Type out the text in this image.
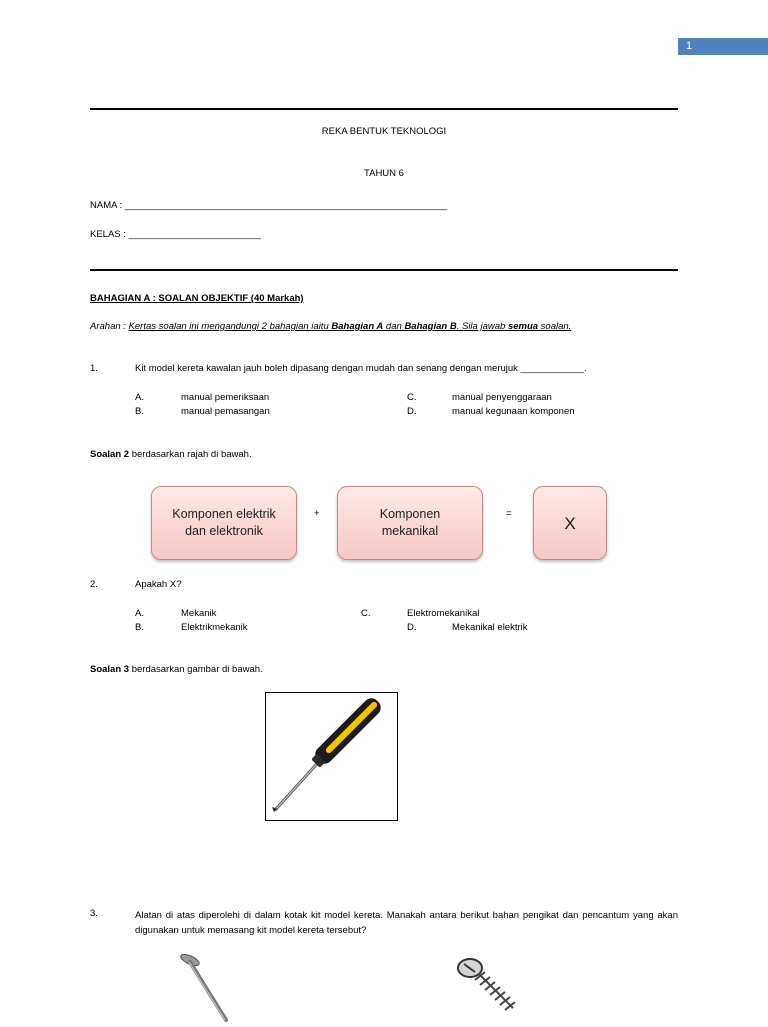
1
REKA BENTUK TEKNOLOGI
TAHUN 6
NAMA : _____________________________________________________________
KELAS : _________________________
BAHAGIAN A : SOALAN OBJEKTIF (40 Markah)
Arahan : Kertas soalan ini mengandungi 2 bahagian iaitu Bahagian A dan Bahagian B. Sila jawab semua soalan.
1.	Kit model kereta kawalan jauh boleh dipasang dengan mudah dan senang dengan merujuk ____________.
A.	manual pemeriksaan
B.	manual pemasangan
C.	manual penyenggaraan
D.	manual kegunaan komponen
Soalan 2 berdasarkan rajah di bawah.
Komponen elektrik dan elektronik
+	Komponen mekanikal
=	X
2.	Apakah X?
A.	Mekanik
B.	Elektrikmekanik
C.	Elektromekanikal
D.	Mekanikal elektrik
Soalan 3 berdasarkan gambar di bawah.
3.	Alatan di atas diperolehi di dalam kotak kit model kereta. Manakah antara berikut bahan pengikat dan pencantum yang akan digunakan untuk memasang kit model kereta tersebut?
